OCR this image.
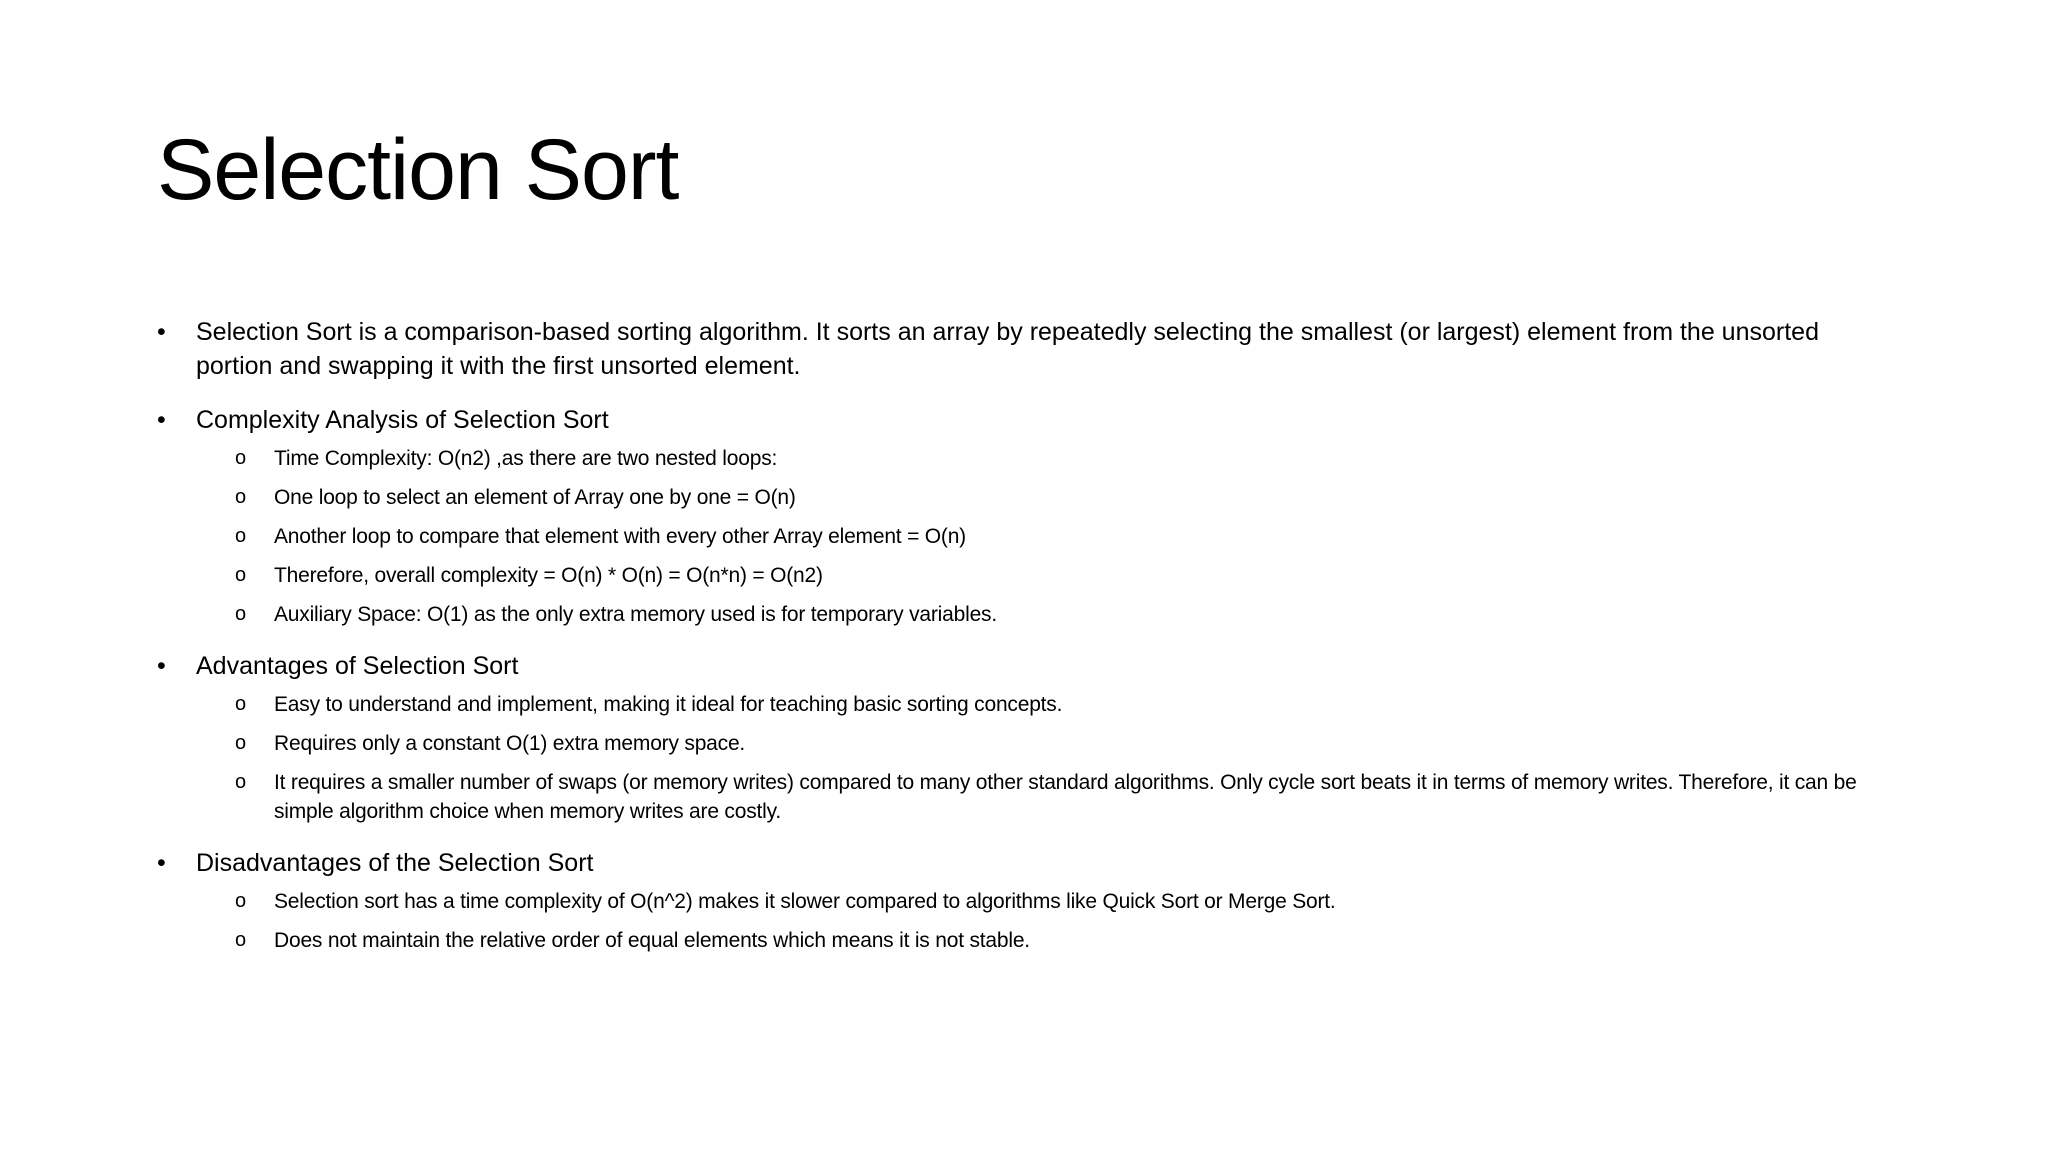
Selection Sort
•	Selection Sort is a comparison-based sorting algorithm. It sorts an array by repeatedly selecting the smallest (or largest) element from the unsorted portion and swapping it with the first unsorted element.
•	Complexity Analysis of Selection Sort
o	Time Complexity: O(n2) ,as there are two nested loops:
o	One loop to select an element of Array one by one = O(n)
o	Another loop to compare that element with every other Array element = O(n)
o	Therefore, overall complexity = O(n) * O(n) = O(n*n) = O(n2)
o	Auxiliary Space: O(1) as the only extra memory used is for temporary variables.
•	Advantages of Selection Sort
o	Easy to understand and implement, making it ideal for teaching basic sorting concepts.
o	Requires only a constant O(1) extra memory space.
o	It requires a smaller number of swaps (or memory writes) compared to many other standard algorithms. Only cycle sort beats it in terms of memory writes. Therefore, it can be simple algorithm choice when memory writes are costly.
•	Disadvantages of the Selection Sort
o	Selection sort has a time complexity of O(n^2) makes it slower compared to algorithms like Quick Sort or Merge Sort.
o	Does not maintain the relative order of equal elements which means it is not stable.
